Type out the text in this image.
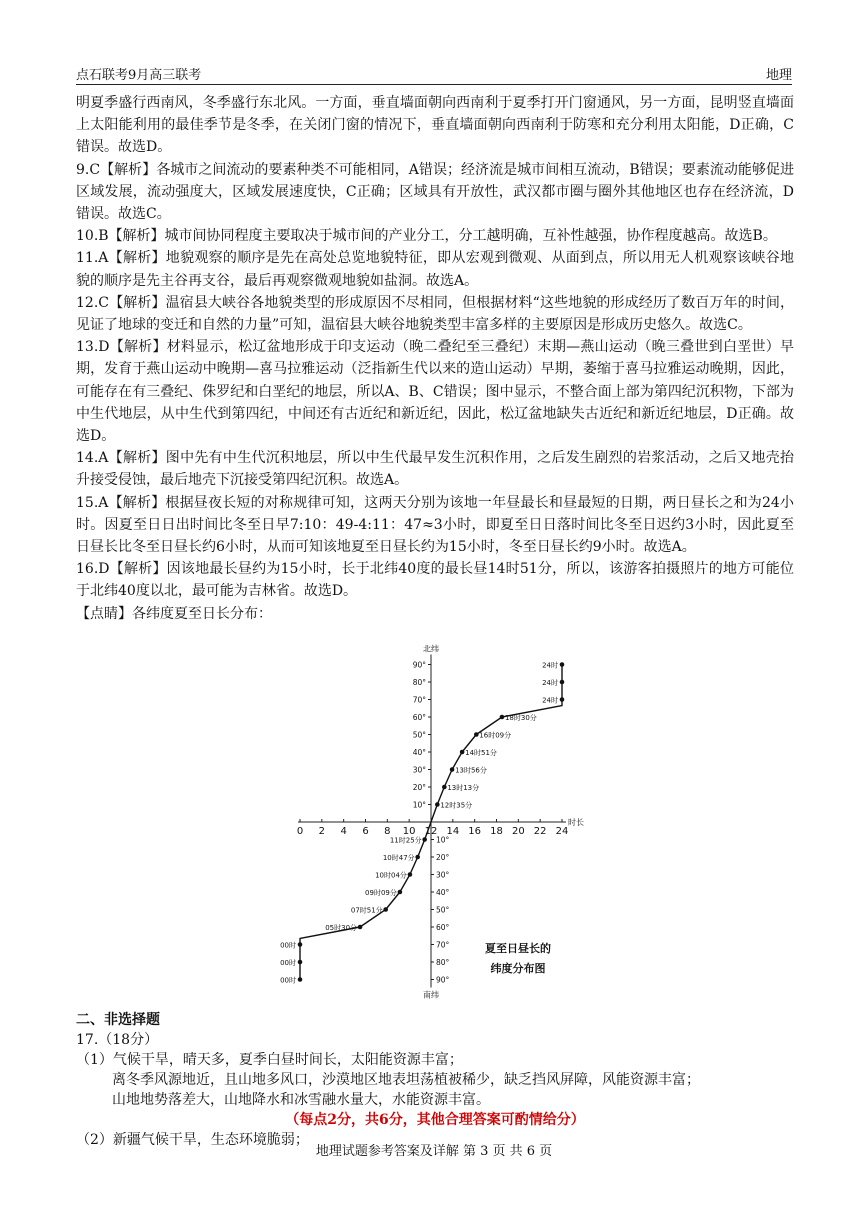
点石联考9月高三联考	地理

明夏季盛行西南风，冬季盛行东北风。一方面，垂直墙面朝向西南利于夏季打开门窗通风，另一方面，昆明竖直墙面上太阳能利用的最佳季节是冬季，在关闭门窗的情况下，垂直墙面朝向西南利于防寒和充分利用太阳能，D正确，C错误。故选D。

9.C【解析】各城市之间流动的要素种类不可能相同，A错误；经济流是城市间相互流动，B错误；要素流动能够促进区域发展，流动强度大，区域发展速度快，C正确；区域具有开放性，武汉都市圈与圈外其他地区也存在经济流，D错误。故选C。

10.B【解析】城市间协同程度主要取决于城市间的产业分工，分工越明确，互补性越强，协作程度越高。故选B。

11.A【解析】地貌观察的顺序是先在高处总览地貌特征，即从宏观到微观、从面到点，所以用无人机观察该峡谷地貌的顺序是先主谷再支谷，最后再观察微观地貌如盐洞。故选A。

12.C【解析】温宿县大峡谷各地貌类型的形成原因不尽相同，但根据材料“这些地貌的形成经历了数百万年的时间，见证了地球的变迁和自然的力量”可知，温宿县大峡谷地貌类型丰富多样的主要原因是形成历史悠久。故选C。

13.D【解析】材料显示，松辽盆地形成于印支运动（晚二叠纪至三叠纪）末期—燕山运动（晚三叠世到白垩世）早期，发育于燕山运动中晚期—喜马拉雅运动（泛指新生代以来的造山运动）早期，萎缩于喜马拉雅运动晚期，因此，可能存在有三叠纪、侏罗纪和白垩纪的地层，所以A、B、C错误；图中显示，不整合面上部为第四纪沉积物，下部为中生代地层，从中生代到第四纪，中间还有古近纪和新近纪，因此，松辽盆地缺失古近纪和新近纪地层，D正确。故选D。

14.A【解析】图中先有中生代沉积地层，所以中生代最早发生沉积作用，之后发生剧烈的岩浆活动，之后又地壳抬升接受侵蚀，最后地壳下沉接受第四纪沉积。故选A。

15.A【解析】根据昼夜长短的对称规律可知，这两天分别为该地一年昼最长和昼最短的日期，两日昼长之和为24小时。因夏至日日出时间比冬至日早7:10：49-4:11：47≈3小时，即夏至日日落时间比冬至日迟约3小时，因此夏至日昼长比冬至日昼长约6小时，从而可知该地夏至日昼长约为15小时，冬至日昼长约9小时。故选A。

16.D【解析】因该地最长昼约为15小时，长于北纬40度的最长昼14时51分，所以，该游客拍摄照片的地方可能位于北纬40度以北，最可能为吉林省。故选D。

【点睛】各纬度夏至日长分布：

0 2 4 6 8 10 12 14 16 18 20 22 24
时长
10°
20°
30°
40°
50°
60°
70°
80°
90°
10°
20°
30°
40°
50°
60°
70°
80°
90°
北纬
南纬
00时
00时
00时
05时30分
07时51分
09时09分
10时04分
10时47分
11时25分
12时35分
13时13分
13时56分
14时51分
16时09分
18时30分
24时
24时
24时
夏至日昼长的
纬度分布图

二、非选择题

17.（18分）

（1）气候干旱，晴天多，夏季白昼时间长，太阳能资源丰富；

离冬季风源地近，且山地多风口，沙漠地区地表坦荡植被稀少，缺乏挡风屏障，风能资源丰富；

山地地势落差大，山地降水和冰雪融水量大，水能资源丰富。

（每点2分，共6分，其他合理答案可酌情给分）

（2）新疆气候干旱，生态环境脆弱；

地理试题参考答案及详解 第 3 页 共 6 页
